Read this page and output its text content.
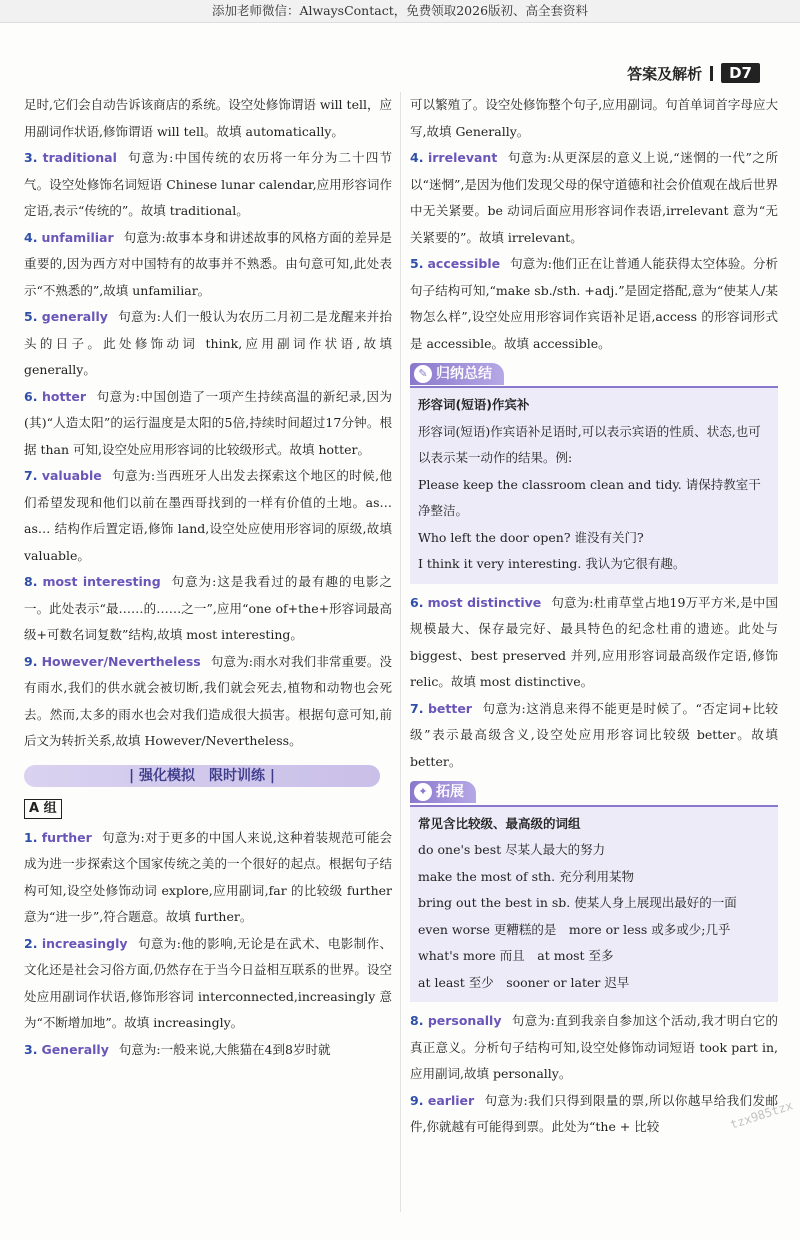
添加老师微信：AlwaysContact，免费领取2026版初、高全套资料
答案及解析	D7

足时,它们会自动告诉该商店的系统。设空处修饰谓语 will tell，应用副词作状语,修饰谓语 will tell。故填 automatically。

3. traditional 句意为:中国传统的农历将一年分为二十四节气。设空处修饰名词短语 Chinese lunar calendar,应用形容词作定语,表示“传统的”。故填 traditional。

4. unfamiliar 句意为:故事本身和讲述故事的风格方面的差异是重要的,因为西方对中国特有的故事并不熟悉。由句意可知,此处表示“不熟悉的”,故填 unfamiliar。

5. generally 句意为:人们一般认为农历二月初二是龙醒来并抬头的日子。此处修饰动词 think,应用副词作状语,故填 generally。

6. hotter 句意为:中国创造了一项产生持续高温的新纪录,因为(其)“人造太阳”的运行温度是太阳的5倍,持续时间超过17分钟。根据 than 可知,设空处应用形容词的比较级形式。故填 hotter。

7. valuable 句意为:当西班牙人出发去探索这个地区的时候,他们希望发现和他们以前在墨西哥找到的一样有价值的土地。as… as… 结构作后置定语,修饰 land,设空处应使用形容词的原级,故填 valuable。

8. most interesting 句意为:这是我看过的最有趣的电影之一。此处表示“最……的……之一”,应用“one of+the+形容词最高级+可数名词复数”结构,故填 most interesting。

9. However/Nevertheless 句意为:雨水对我们非常重要。没有雨水,我们的供水就会被切断,我们就会死去,植物和动物也会死去。然而,太多的雨水也会对我们造成很大损害。根据句意可知,前后文为转折关系,故填 However/Nevertheless。

| 强化模拟　限时训练 |
A 组

1. further 句意为:对于更多的中国人来说,这种着装规范可能会成为进一步探索这个国家传统之美的一个很好的起点。根据句子结构可知,设空处修饰动词 explore,应用副词,far 的比较级 further 意为“进一步”,符合题意。故填 further。

2. increasingly 句意为:他的影响,无论是在武术、电影制作、文化还是社会习俗方面,仍然存在于当今日益相互联系的世界。设空处应用副词作状语,修饰形容词 interconnected,increasingly 意为“不断增加地”。故填 increasingly。

3. Generally 句意为:一般来说,大熊猫在4到8岁时就

可以繁殖了。设空处修饰整个句子,应用副词。句首单词首字母应大写,故填 Generally。

4. irrelevant 句意为:从更深层的意义上说,“迷惘的一代”之所以“迷惘”,是因为他们发现父母的保守道德和社会价值观在战后世界中无关紧要。be 动词后面应用形容词作表语,irrelevant 意为“无关紧要的”。故填 irrelevant。

5. accessible 句意为:他们正在让普通人能获得太空体验。分析句子结构可知,“make sb./sth. +adj.”是固定搭配,意为“使某人/某物怎么样”,设空处应用形容词作宾语补足语,access 的形容词形式是 accessible。故填 accessible。

✎ 归纳总结
形容词(短语)作宾补

形容词(短语)作宾语补足语时,可以表示宾语的性质、状态,也可以表示某一动作的结果。例:

Please keep the classroom clean and tidy. 请保持教室干净整洁。

Who left the door open? 谁没有关门?

I think it very interesting. 我认为它很有趣。

6. most distinctive 句意为:杜甫草堂占地19万平方米,是中国规模最大、保存最完好、最具特色的纪念杜甫的遗迹。此处与 biggest、best preserved 并列,应用形容词最高级作定语,修饰 relic。故填 most distinctive。

7. better 句意为:这消息来得不能更是时候了。“否定词+比较级”表示最高级含义,设空处应用形容词比较级 better。故填 better。

✦ 拓展
常见含比较级、最高级的词组

do one's best 尽某人最大的努力

make the most of sth. 充分利用某物

bring out the best in sb. 使某人身上展现出最好的一面

even worse 更糟糕的是　more or less 或多或少;几乎

what's more 而且　at most 至多

at least 至少　sooner or later 迟早

8. personally 句意为:直到我亲自参加这个活动,我才明白它的真正意义。分析句子结构可知,设空处修饰动词短语 took part in,应用副词,故填 personally。

9. earlier 句意为:我们只得到限量的票,所以你越早给我们发邮件,你就越有可能得到票。此处为“the + 比较	tzx985tzx
